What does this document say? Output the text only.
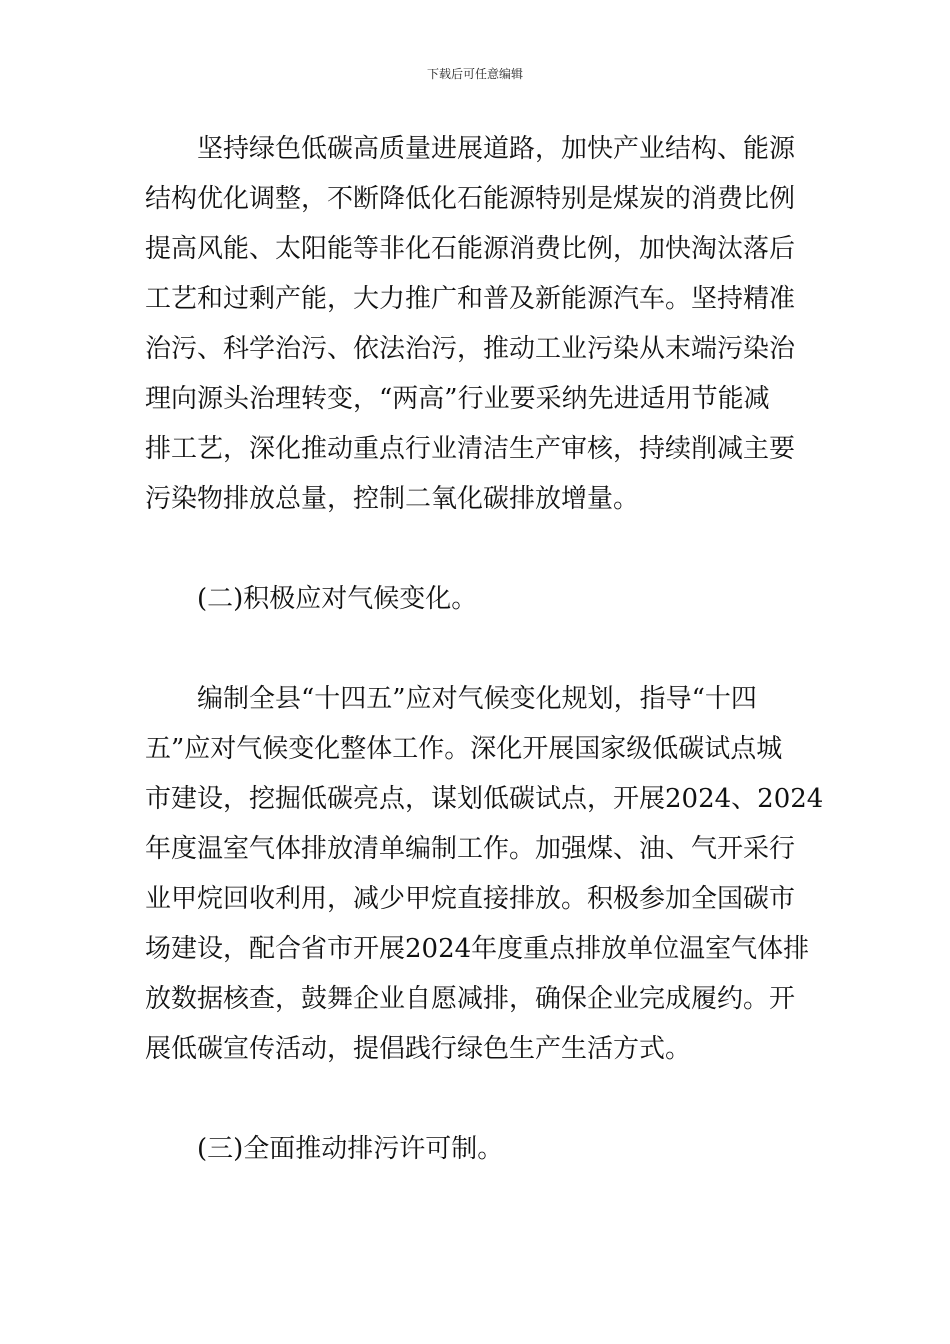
下载后可任意编辑
　　坚持绿色低碳高质量进展道路，加快产业结构、能源
结构优化调整，不断降低化石能源特别是煤炭的消费比例
提高风能、太阳能等非化石能源消费比例，加快淘汰落后
工艺和过剩产能，大力推广和普及新能源汽车。坚持精准
治污、科学治污、依法治污，推动工业污染从末端污染治
理向源头治理转变，“两高”行业要采纳先进适用节能减
排工艺，深化推动重点行业清洁生产审核，持续削减主要
污染物排放总量，控制二氧化碳排放增量。
　　(二)积极应对气候变化。
　　编制全县“十四五”应对气候变化规划，指导“十四
五”应对气候变化整体工作。深化开展国家级低碳试点城
市建设，挖掘低碳亮点，谋划低碳试点，开展2024、2024
年度温室气体排放清单编制工作。加强煤、油、气开采行
业甲烷回收利用，减少甲烷直接排放。积极参加全国碳市
场建设，配合省市开展2024年度重点排放单位温室气体排
放数据核查，鼓舞企业自愿减排，确保企业完成履约。开
展低碳宣传活动，提倡践行绿色生产生活方式。
　　(三)全面推动排污许可制。
